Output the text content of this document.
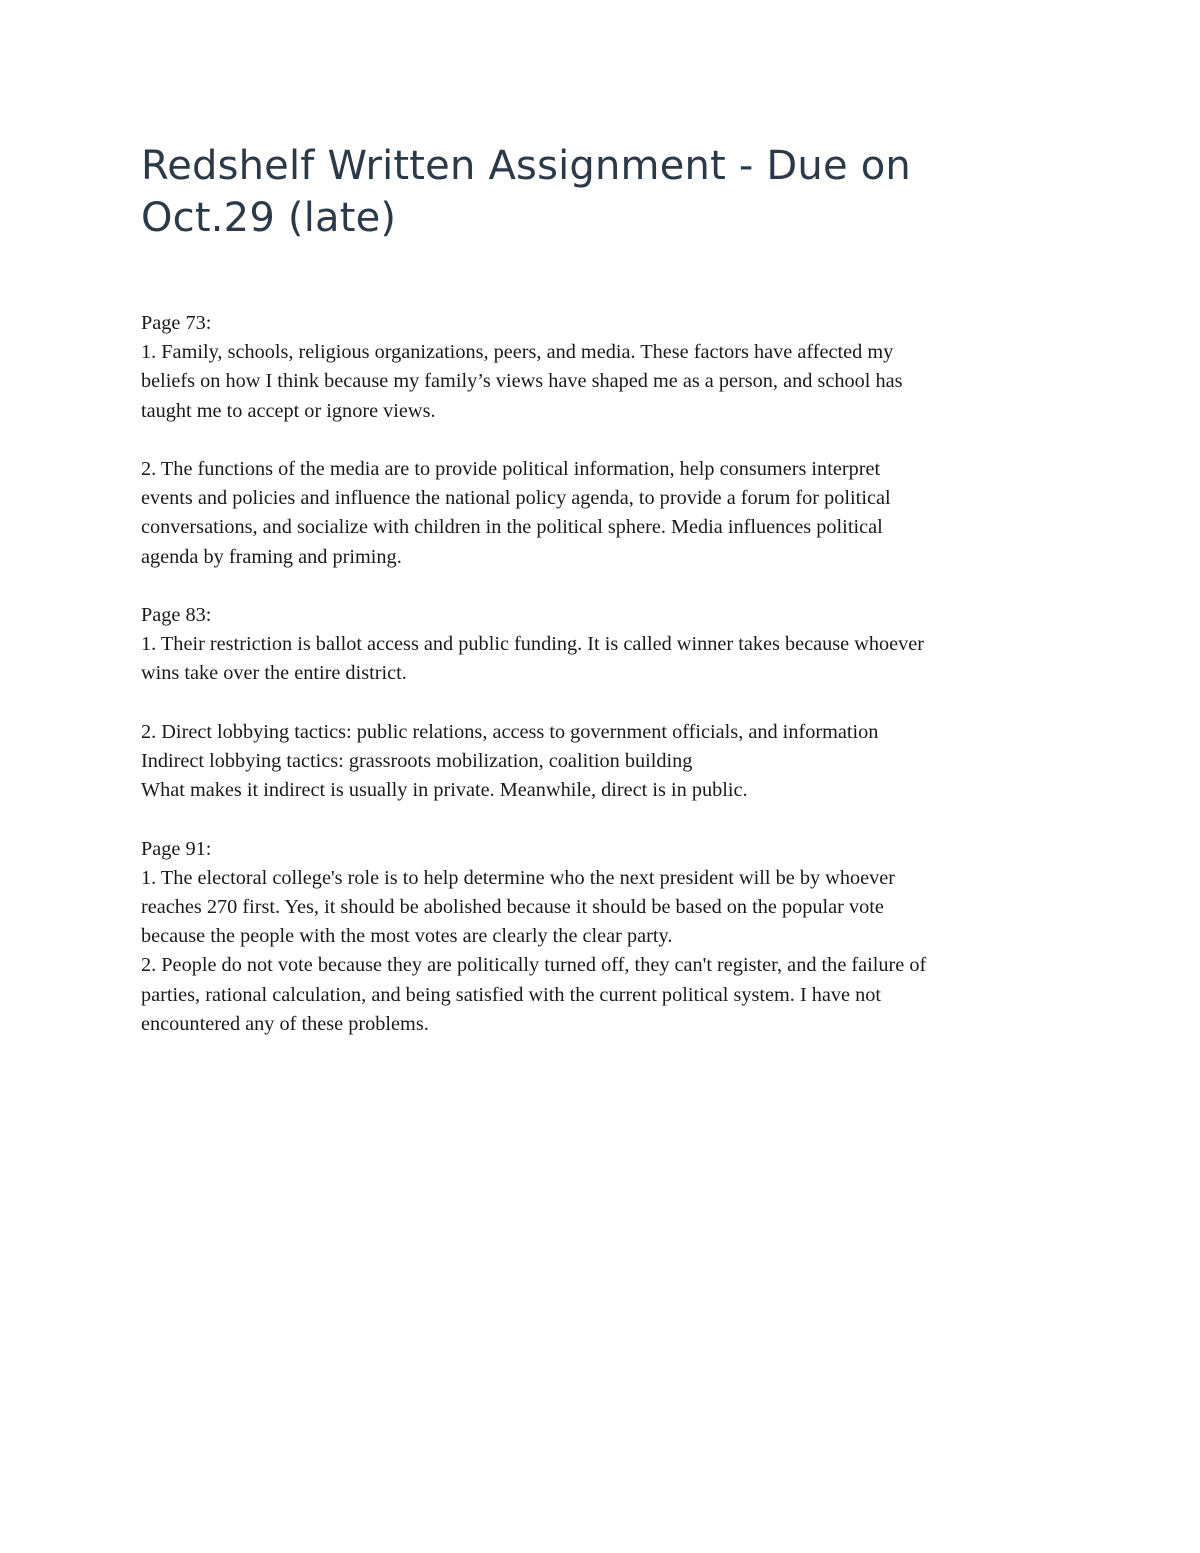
Redshelf Written Assignment - Due on
Oct.29 (late)
Page 73:
1. Family, schools, religious organizations, peers, and media. These factors have affected my
beliefs on how I think because my family’s views have shaped me as a person, and school has
taught me to accept or ignore views.
2. The functions of the media are to provide political information, help consumers interpret
events and policies and influence the national policy agenda, to provide a forum for political
conversations, and socialize with children in the political sphere. Media influences political
agenda by framing and priming.
Page 83:
1. Their restriction is ballot access and public funding. It is called winner takes because whoever
wins take over the entire district.
2. Direct lobbying tactics: public relations, access to government officials, and information
Indirect lobbying tactics: grassroots mobilization, coalition building
What makes it indirect is usually in private. Meanwhile, direct is in public.
Page 91:
1. The electoral college's role is to help determine who the next president will be by whoever
reaches 270 first. Yes, it should be abolished because it should be based on the popular vote
because the people with the most votes are clearly the clear party.
2. People do not vote because they are politically turned off, they can't register, and the failure of
parties, rational calculation, and being satisfied with the current political system. I have not
encountered any of these problems.
